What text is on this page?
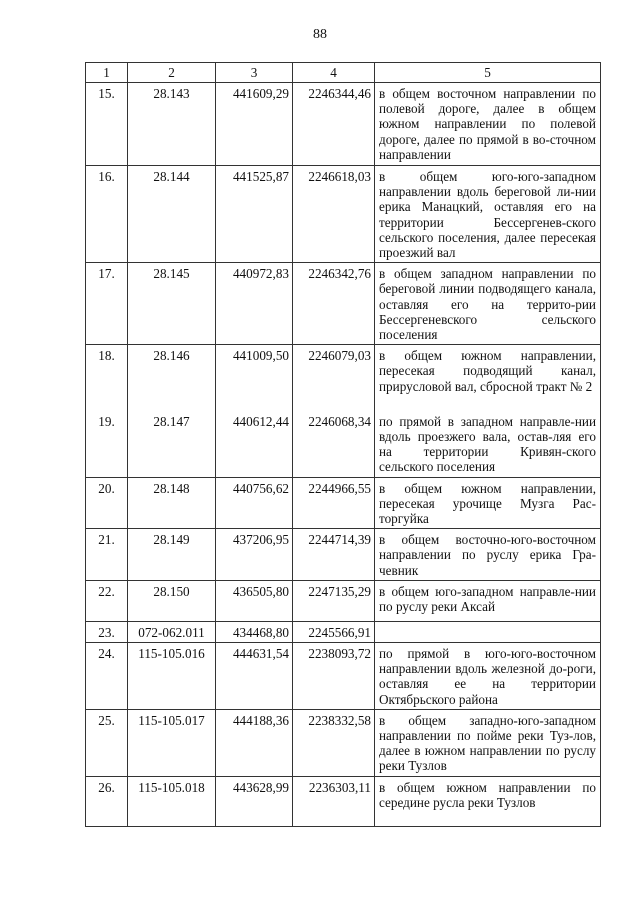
88
1	2	3	4	5
15.	28.143	441609,29	2246344,46	в общем восточном направлении по полевой дороге, далее в общем южном направлении по полевой дороге, далее по прямой в во-сточном направлении
16.	28.144	441525,87	2246618,03	в общем юго-юго-западном направлении вдоль береговой ли-нии ерика Манацкий, оставляя его на территории Бессергенев-ского сельского поселения, далее пересекая проезжий вал
17.	28.145	440972,83	2246342,76	в общем западном направлении по береговой линии подводящего канала, оставляя его на террито-рии Бессергеневского сельского поселения
18.	28.146	441009,50	2246079,03	в общем южном направлении, пересекая подводящий канал, прирусловой вал, сбросной тракт № 2
19.	28.147	440612,44	2246068,34	по прямой в западном направле-нии вдоль проезжего вала, остав-ляя его на территории Кривян-ского сельского поселения
20.	28.148	440756,62	2244966,55	в общем южном направлении, пересекая урочище Музга Рас-торгуйка
21.	28.149	437206,95	2244714,39	в общем восточно-юго-восточном направлении по руслу ерика Гра-чевник
22.	28.150	436505,80	2247135,29	в общем юго-западном направле-нии по руслу реки Аксай
23.	072-062.011	434468,80	2245566,91	
24.	115-105.016	444631,54	2238093,72	по прямой в юго-юго-восточном направлении вдоль железной до-роги, оставляя ее на территории Октябрьского района
25.	115-105.017	444188,36	2238332,58	в общем западно-юго-западном направлении по пойме реки Туз-лов, далее в южном направлении по руслу реки Тузлов
26.	115-105.018	443628,99	2236303,11	в общем южном направлении по середине русла реки Тузлов
